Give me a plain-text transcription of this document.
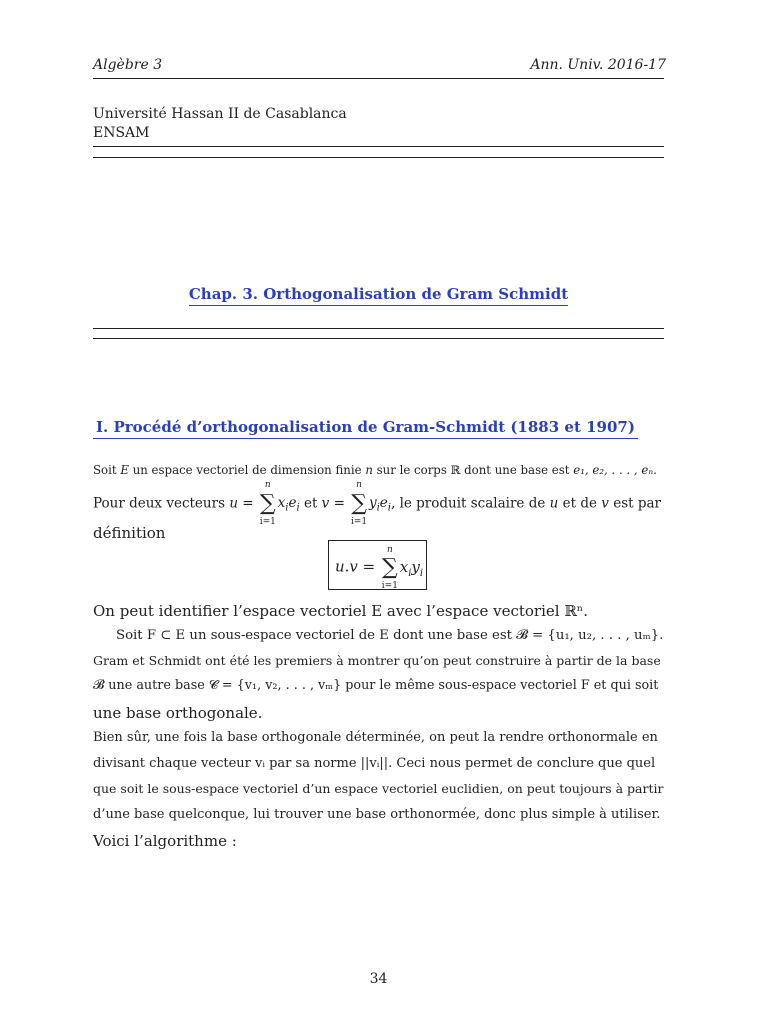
Algèbre 3	Ann. Univ. 2016-17
Université Hassan II de Casablanca
ENSAM
Chap. 3. Orthogonalisation de Gram Schmidt
I. Procédé d’orthogonalisation de Gram-Schmidt (1883 et 1907)
Soit E un espace vectoriel de dimension finie n sur le corps ℝ dont une base est e₁, e₂, . . . , eₙ.
Pour deux vecteurs u =
n
∑
i=1
$x_ie_i$ et v =
n
∑
i=1
$y_ie_i$, le produit scalaire de u et de v est par
définition
u.v =
n
∑
i=1
$x_iy_i$
On peut identifier l’espace vectoriel E avec l’espace vectoriel ℝⁿ.
Soit F ⊂ E un sous-espace vectoriel de E dont une base est 𝓑 = {u₁, u₂, . . . , uₘ}.
Gram et Schmidt ont été les premiers à montrer qu’on peut construire à partir de la base
𝓑 une autre base 𝓒 = {v₁, v₂, . . . , vₘ} pour le même sous-espace vectoriel F et qui soit
une base orthogonale.
Bien sûr, une fois la base orthogonale déterminée, on peut la rendre orthonormale en
divisant chaque vecteur vᵢ par sa norme ||vᵢ||. Ceci nous permet de conclure que quel
que soit le sous-espace vectoriel d’un espace vectoriel euclidien, on peut toujours à partir
d’une base quelconque, lui trouver une base orthonormée, donc plus simple à utiliser.
Voici l’algorithme :
34
